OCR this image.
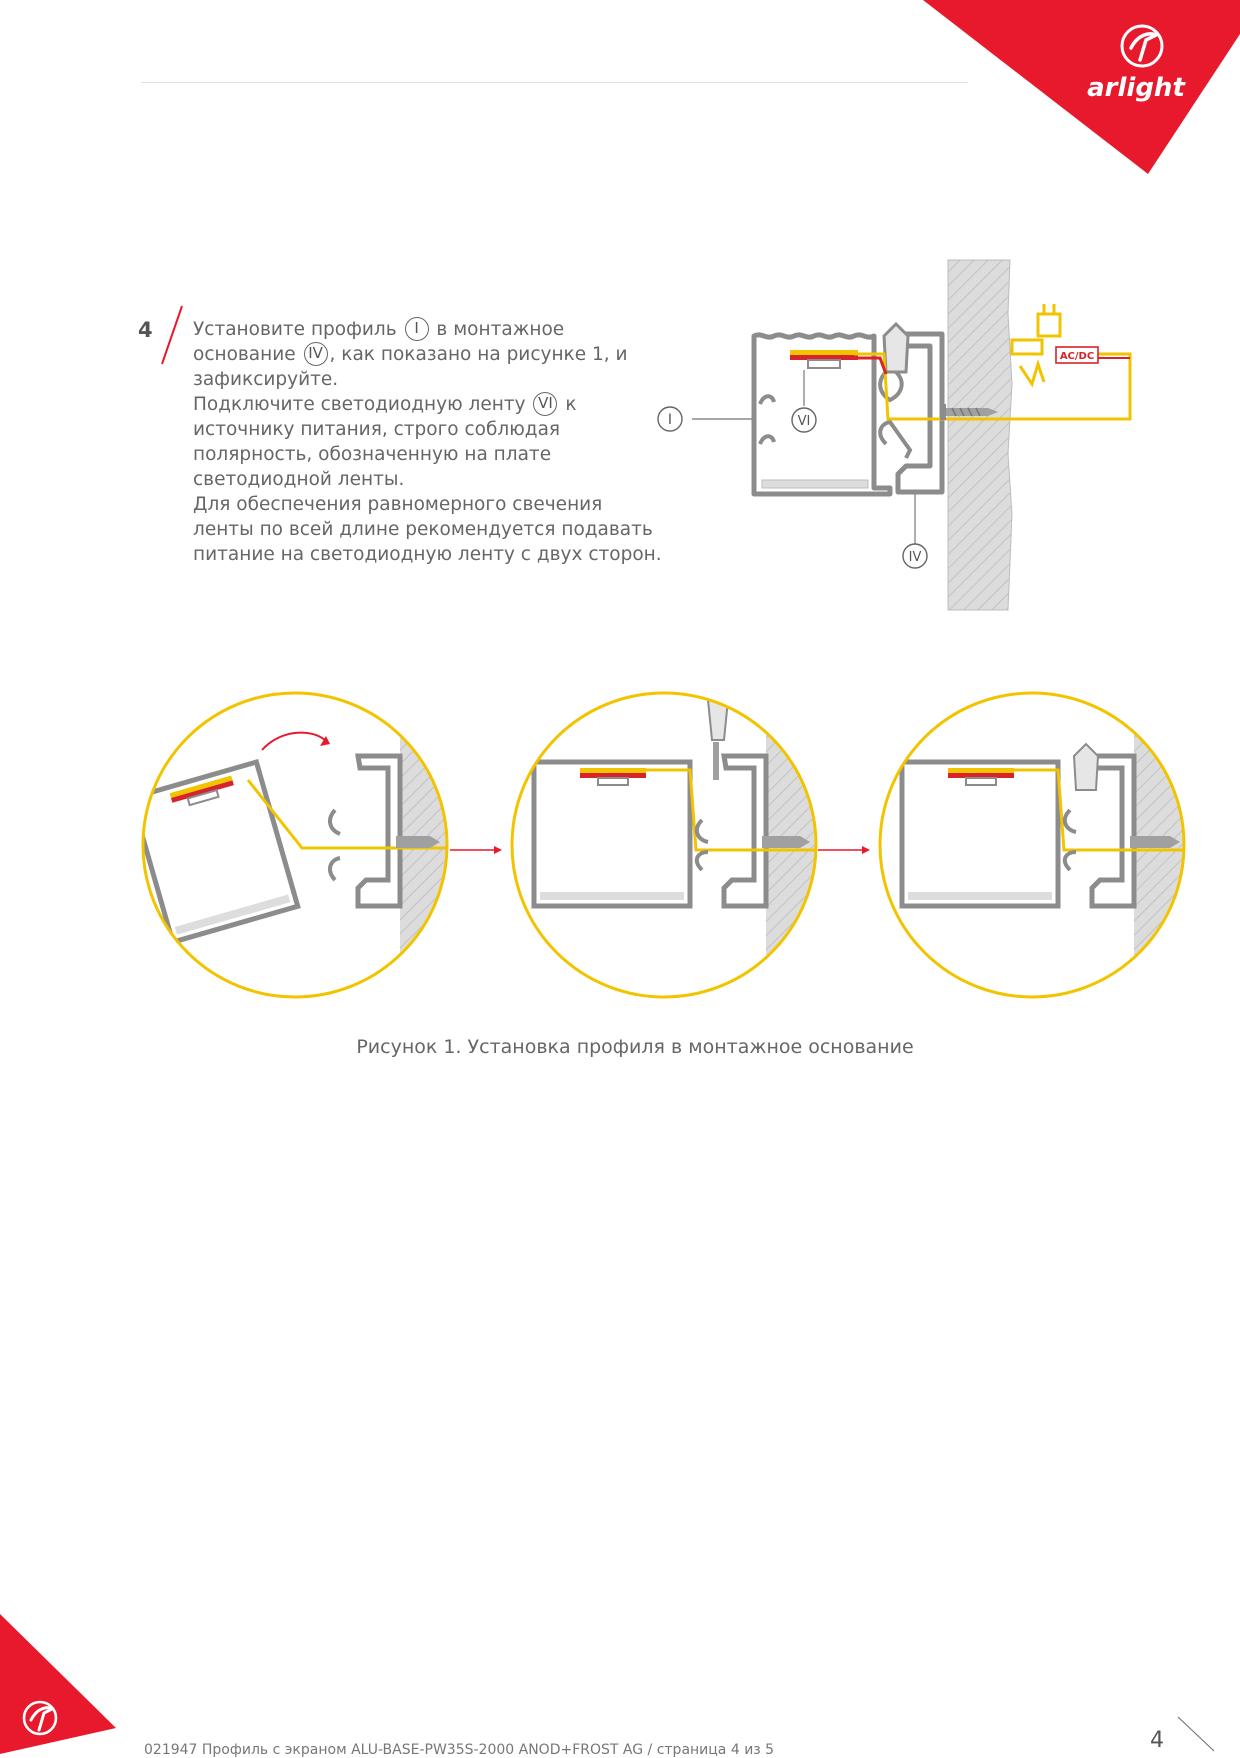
arlight
4 Установите профиль I в монтажное основание IV , как показано на рисунке 1, и зафиксируйте.

Подключите светодиодную ленту VI к источнику питания, строго соблюдая полярность, обозначенную на плате светодиодной ленты.

Для обеспечения равномерного свечения ленты по всей длине рекомендуется подавать питание на светодиодную ленту с двух сторон.

AC/DC
I	VI
IV
Рисунок 1. Установка профиля в монтажное основание
021947 Профиль с экраном ALU-BASE-PW35S-2000 ANOD+FROST AG / страница 4 из 5	4
